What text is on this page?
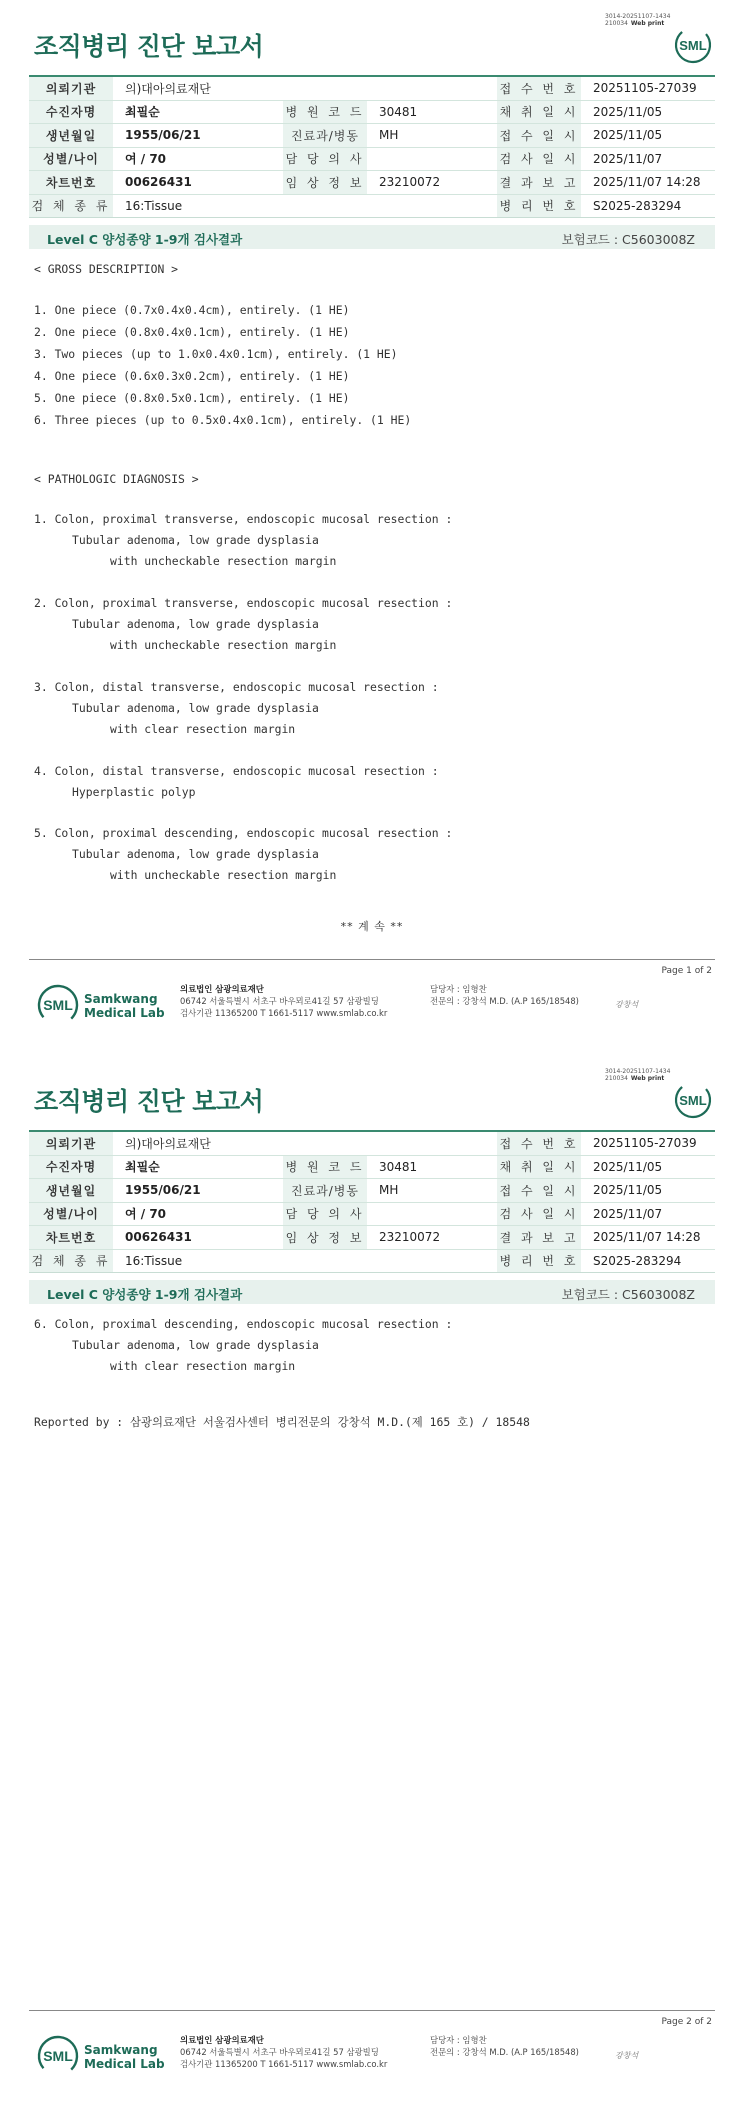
3014-20251107-1434
210034 Web print
조직병리 진단 보고서	SML
의뢰기관	의)대아의료재단			접 수 번 호	20251105-27039
수진자명	최필순	병 원 코 드	30481	채 취 일 시	2025/11/05
생년월일	1955/06/21	진료과/병동	MH	접 수 일 시	2025/11/05
성별/나이	여 / 70	담 당 의 사		검 사 일 시	2025/11/07
차트번호	00626431	임 상 정 보	23210072	결 과 보 고	2025/11/07 14:28
검 체 종 류	16:Tissue			병 리 번 호	S2025-283294
Level C 양성종양 1-9개 검사결과	보험코드 : C5603008Z
< GROSS DESCRIPTION >
1. One piece (0.7x0.4x0.4cm), entirely. (1 HE)
2. One piece (0.8x0.4x0.1cm), entirely. (1 HE)
3. Two pieces (up to 1.0x0.4x0.1cm), entirely. (1 HE)
4. One piece (0.6x0.3x0.2cm), entirely. (1 HE)
5. One piece (0.8x0.5x0.1cm), entirely. (1 HE)
6. Three pieces (up to 0.5x0.4x0.1cm), entirely. (1 HE)
< PATHOLOGIC DIAGNOSIS >
1. Colon, proximal transverse, endoscopic mucosal resection :
Tubular adenoma, low grade dysplasia
with uncheckable resection margin
2. Colon, proximal transverse, endoscopic mucosal resection :
Tubular adenoma, low grade dysplasia
with uncheckable resection margin
3. Colon, distal transverse, endoscopic mucosal resection :
Tubular adenoma, low grade dysplasia
with clear resection margin
4. Colon, distal transverse, endoscopic mucosal resection :
Hyperplastic polyp
5. Colon, proximal descending, endoscopic mucosal resection :
Tubular adenoma, low grade dysplasia
with uncheckable resection margin
** 계 속 **
Page 1 of 2
SML Samkwang
Medical Lab
의료법인 삼광의료재단
06742 서울특별시 서초구 바우뫼로41길 57 삼광빌딩
검사기관 11365200 T 1661-5117 www.smlab.co.kr
담당자 : 임형찬
전문의 : 강창석 M.D. (A.P 165/18548)	강창석
3014-20251107-1434
210034 Web print
조직병리 진단 보고서	SML
의뢰기관	의)대아의료재단			접 수 번 호	20251105-27039
수진자명	최필순	병 원 코 드	30481	채 취 일 시	2025/11/05
생년월일	1955/06/21	진료과/병동	MH	접 수 일 시	2025/11/05
성별/나이	여 / 70	담 당 의 사		검 사 일 시	2025/11/07
차트번호	00626431	임 상 정 보	23210072	결 과 보 고	2025/11/07 14:28
검 체 종 류	16:Tissue			병 리 번 호	S2025-283294
Level C 양성종양 1-9개 검사결과	보험코드 : C5603008Z
6. Colon, proximal descending, endoscopic mucosal resection :
Tubular adenoma, low grade dysplasia
with clear resection margin
Reported by : 삼광의료재단 서울검사센터 병리전문의 강창석 M.D.(제 165 호) / 18548
Page 2 of 2
SML Samkwang
Medical Lab
의료법인 삼광의료재단
06742 서울특별시 서초구 바우뫼로41길 57 삼광빌딩
검사기관 11365200 T 1661-5117 www.smlab.co.kr
담당자 : 임형찬
전문의 : 강창석 M.D. (A.P 165/18548)	강창석
